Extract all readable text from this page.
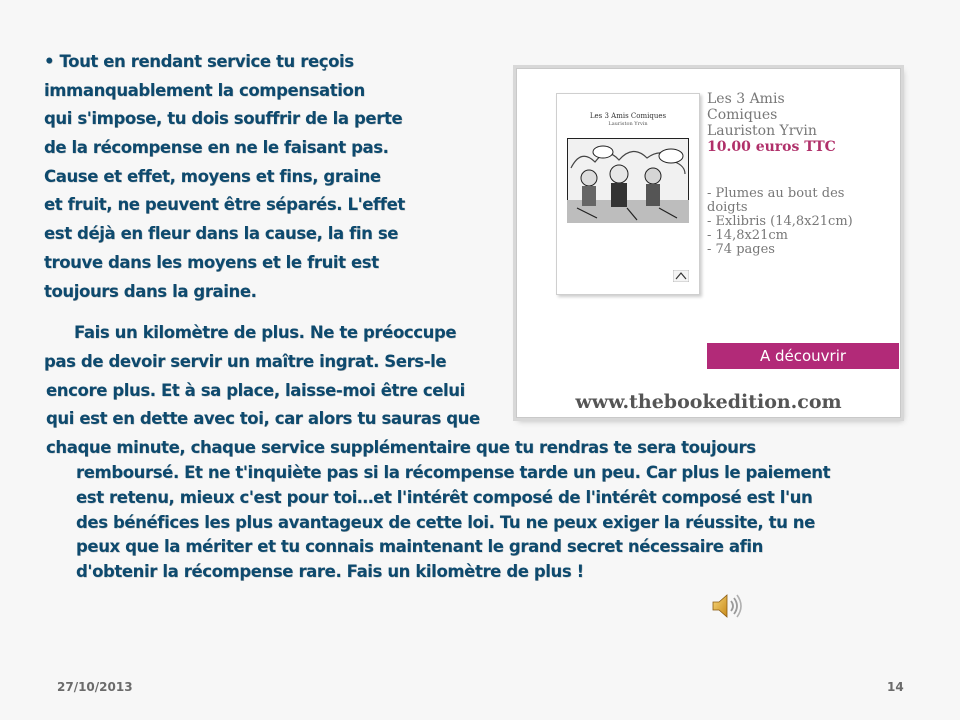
• Tout en rendant service tu reçois
immanquablement la compensation
qui s'impose, tu dois souffrir de la perte
de la récompense en ne le faisant pas.
Cause et effet, moyens et fins, graine
et fruit, ne peuvent être séparés. L'effet
est déjà en fleur dans la cause, la fin se
trouve dans les moyens et le fruit est
toujours dans la graine.
Fais un kilomètre de plus. Ne te préoccupe
pas de devoir servir un maître ingrat. Sers-le
encore plus. Et à sa place, laisse-moi être celui
qui est en dette avec toi, car alors tu sauras que
chaque minute, chaque service supplémentaire que tu rendras te sera toujours
remboursé. Et ne t'inquiète pas si la récompense tarde un peu. Car plus le paiement
est retenu, mieux c'est pour toi…et l'intérêt composé de l'intérêt composé est l'un
des bénéfices les plus avantageux de cette loi. Tu ne peux exiger la réussite, tu ne
peux que la mériter et tu connais maintenant le grand secret nécessaire afin
d'obtenir la récompense rare. Fais un kilomètre de plus !
Les 3 Amis Comiques
Lauriston Yrvin
Les 3 Amis
Comiques
Lauriston Yrvin
10.00 euros TTC
- Plumes au bout des
doigts
- Exlibris (14,8x21cm)
- 14,8x21cm
- 74 pages
A découvrir
www.thebookedition.com
27/10/2013	14
